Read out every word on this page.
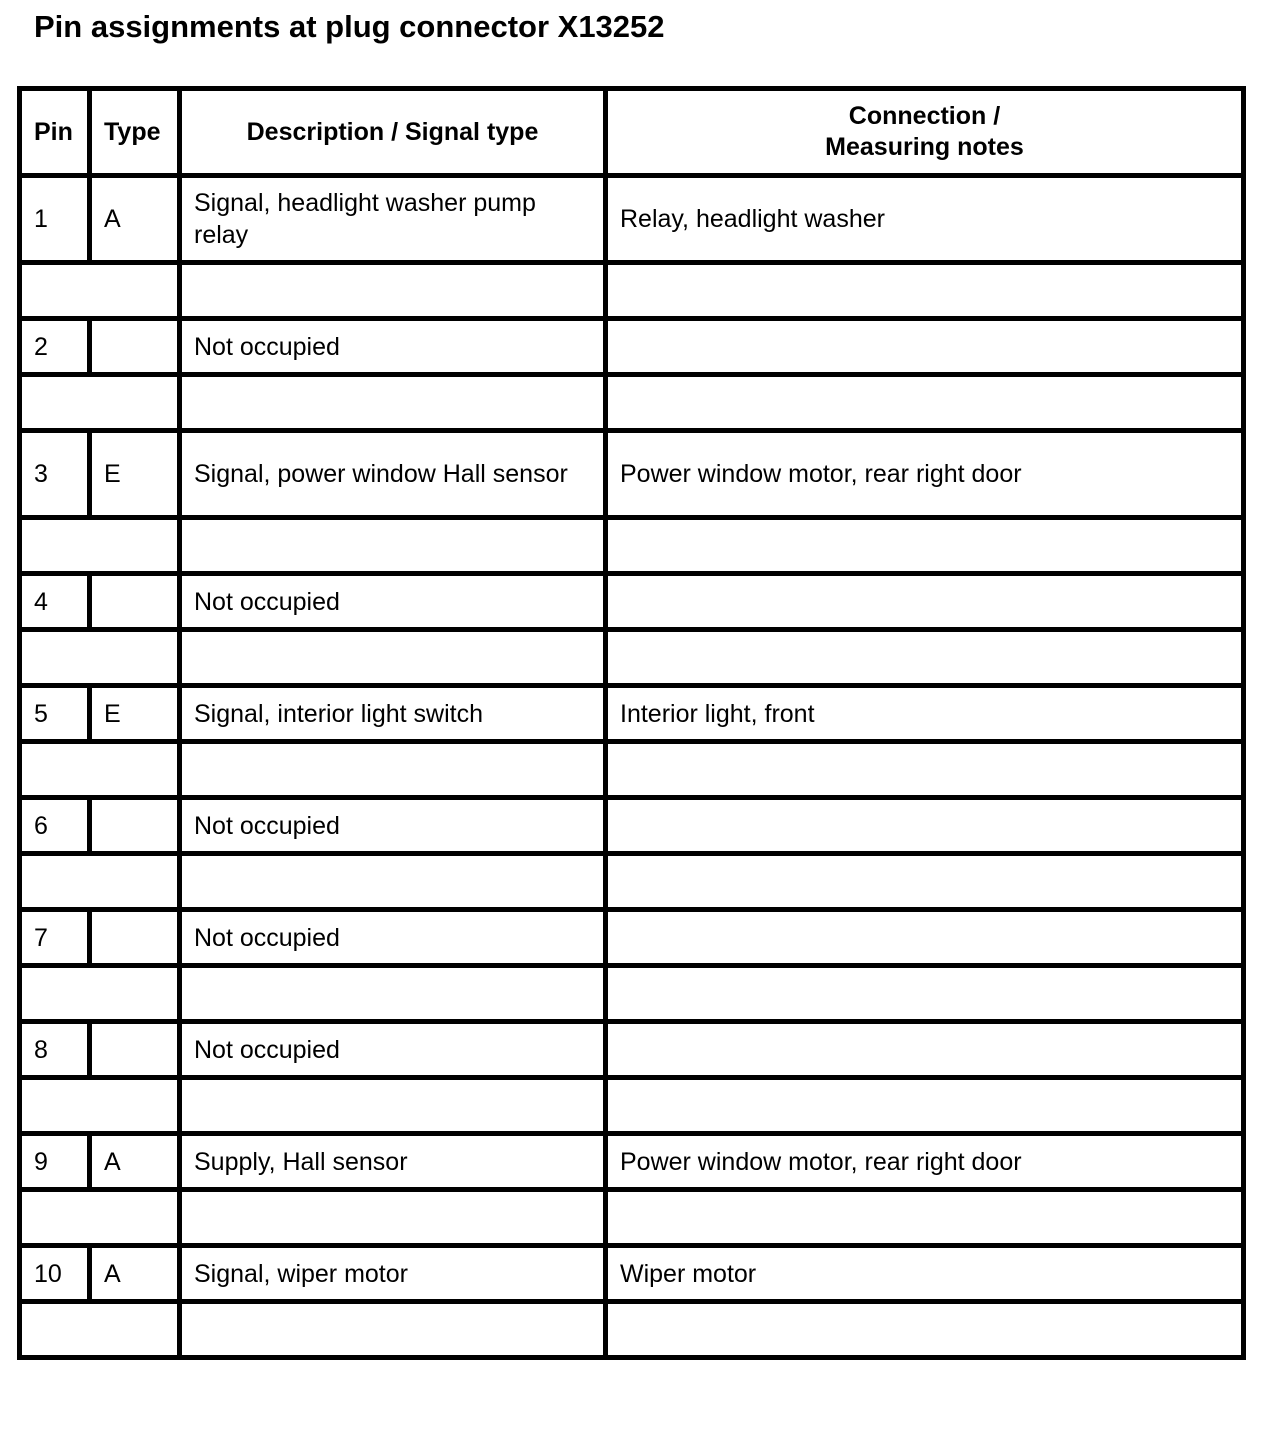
Pin assignments at plug connector X13252
Pin	Type	Description / Signal type	Connection /
Measuring notes

1	A	Signal, headlight washer pump relay	Relay, headlight washer

2		Not occupied	

3	E	Signal, power window Hall sensor	Power window motor, rear right door

4		Not occupied	

5	E	Signal, interior light switch	Interior light, front

6		Not occupied	

7		Not occupied	

8		Not occupied	

9	A	Supply, Hall sensor	Power window motor, rear right door

10	A	Signal, wiper motor	Wiper motor
